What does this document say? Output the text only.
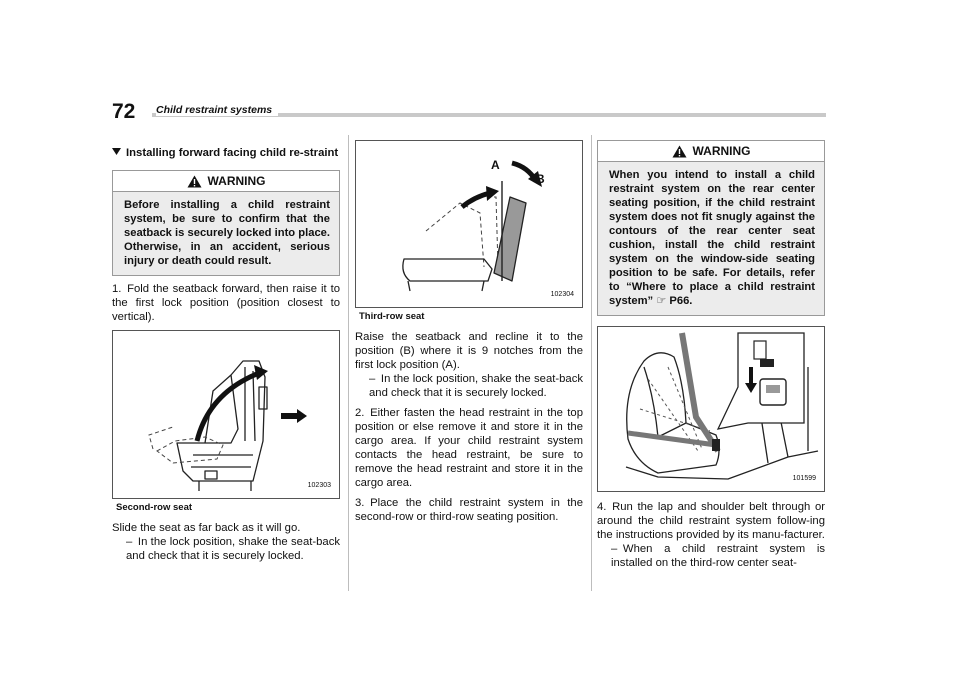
72 Child restraint systems
Installing forward facing child re-straint
WARNING
Before installing a child restraint system, be sure to confirm that the seatback is securely locked into place. Otherwise, in an accident, serious injury or death could result.
1. Fold the seatback forward, then raise it to the first lock position (position closest to vertical).
102303
Second-row seat

Slide the seat as far back as it will go.

– In the lock position, shake the seat-back and check that it is securely locked.
A
B
102304
Third-row seat

Raise the seatback and recline it to the position (B) where it is 9 notches from the first lock position (A).

– In the lock position, shake the seat-back and check that it is securely locked.
2. Either fasten the head restraint in the top position or else remove it and store it in the cargo area. If your child restraint system contacts the head restraint, be sure to remove the head restraint and store it in the cargo area.
3. Place the child restraint system in the second-row or third-row seating position.
WARNING
When you intend to install a child restraint system on the rear center seating position, if the child restraint system does not fit snugly against the contours of the rear center seat cushion, install the child restraint system on the window-side seating position to be safe. For details, refer to “Where to place a child restraint system” ☞ P66.
101599
4. Run the lap and shoulder belt through or around the child restraint system follow-ing the instructions provided by its manu-facturer.
– When a child restraint system is installed on the third-row center seat-
